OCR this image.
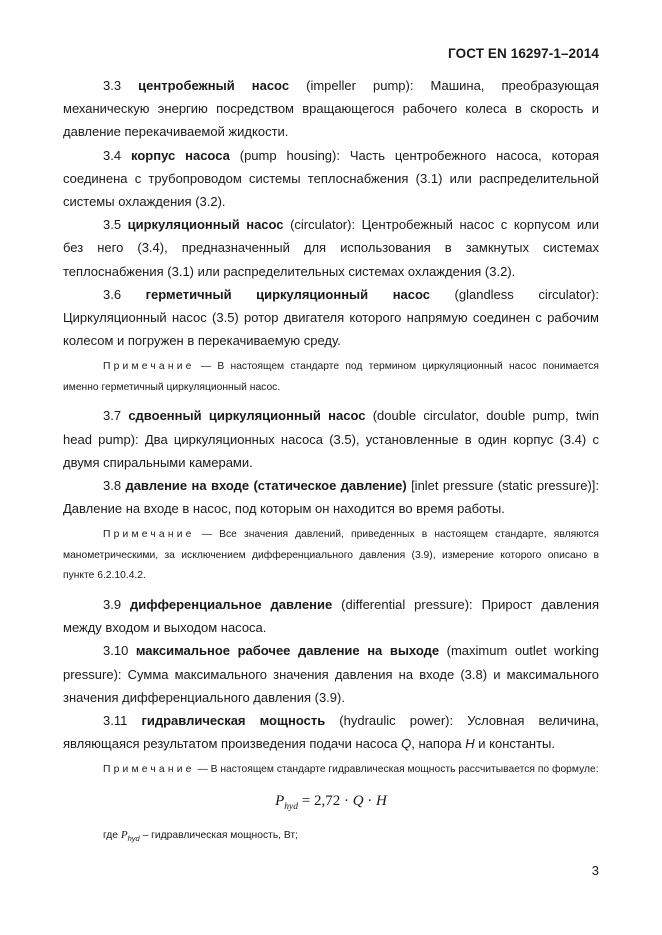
ГОСТ EN 16297-1–2014

3.3 центробежный насос (impeller pump): Машина, преобразующая механическую энергию посредством вращающегося рабочего колеса в скорость и давление перекачиваемой жидкости.

3.4 корпус насоса (pump housing): Часть центробежного насоса, которая соединена с трубопроводом системы теплоснабжения (3.1) или распределительной системы охлаждения (3.2).

3.5 циркуляционный насос (circulator): Центробежный насос с корпусом или без него (3.4), предназначенный для использования в замкнутых системах теплоснабжения (3.1) или распределительных системах охлаждения (3.2).

3.6 герметичный циркуляционный насос (glandless circulator): Циркуляционный насос (3.5) ротор двигателя которого напрямую соединен с рабочим колесом и погружен в перекачиваемую среду.

Примечание — В настоящем стандарте под термином циркуляционный насос понимается именно герметичный циркуляционный насос.

3.7 сдвоенный циркуляционный насос (double circulator, double pump, twin head pump): Два циркуляционных насоса (3.5), установленные в один корпус (3.4) с двумя спиральными камерами.

3.8 давление на входе (статическое давление) [inlet pressure (static pressure)]: Давление на входе в насос, под которым он находится во время работы.

Примечание — Все значения давлений, приведенных в настоящем стандарте, являются манометрическими, за исключением дифференциального давления (3.9), измерение которого описано в пункте 6.2.10.4.2.

3.9 дифференциальное давление (differential pressure): Прирост давления между входом и выходом насоса.

3.10 максимальное рабочее давление на выходе (maximum outlet working pressure): Сумма максимального значения давления на входе (3.8) и максимального значения дифференциального давления (3.9).

3.11 гидравлическая мощность (hydraulic power): Условная величина, являющаяся результатом произведения подачи насоса Q, напора H и константы.

Примечание — В настоящем стандарте гидравлическая мощность рассчитывается по формуле:

$P_{hyd} = 2,72 \cdot Q \cdot H$

где $P_{hyd}$ – гидравлическая мощность, Вт;

3
